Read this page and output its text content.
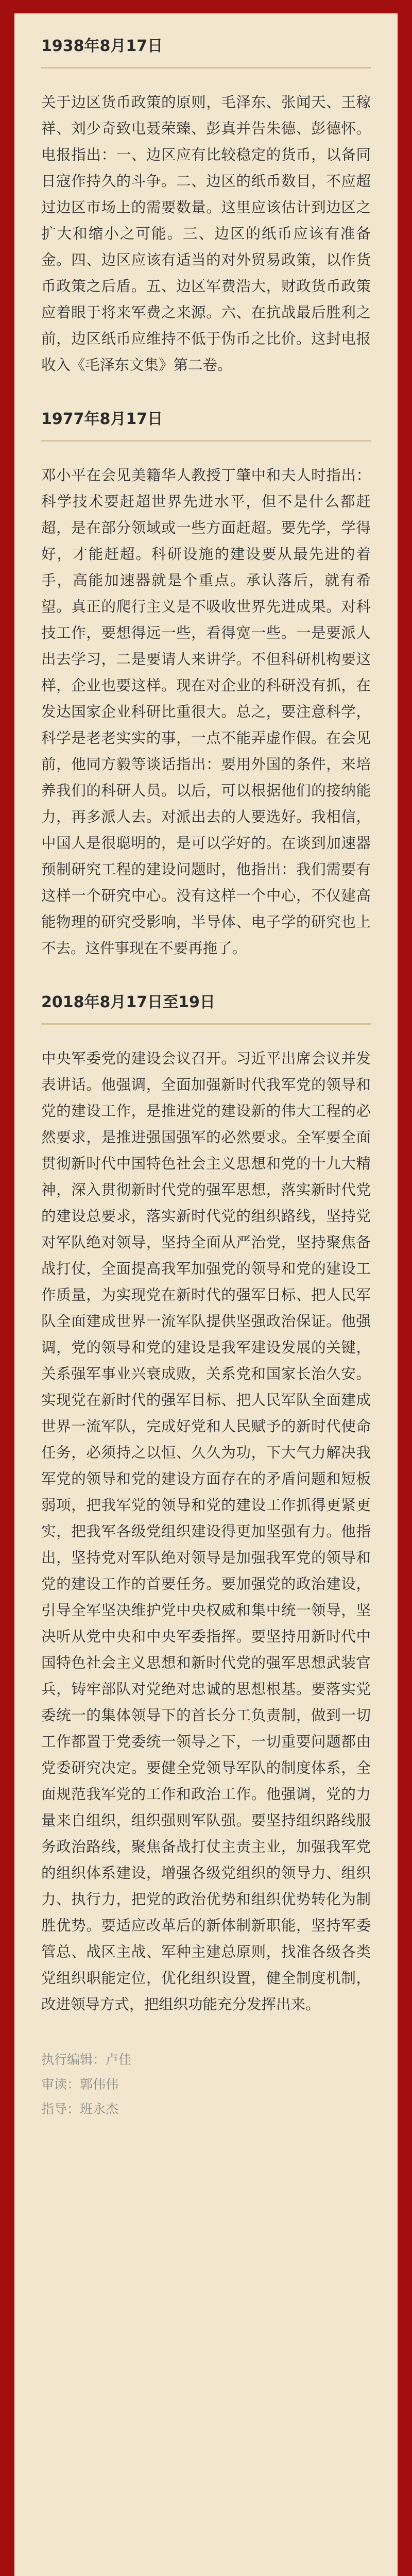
1938年8月17日
关于边区货币政策的原则，毛泽东、张闻天、王稼祥、刘少奇致电聂荣臻、彭真并告朱德、彭德怀。电报指出：一、边区应有比较稳定的货币，以备同日寇作持久的斗争。二、边区的纸币数目，不应超过边区市场上的需要数量。这里应该估计到边区之扩大和缩小之可能。三、边区的纸币应该有准备金。四、边区应该有适当的对外贸易政策，以作货币政策之后盾。五、边区军费浩大，财政货币政策应着眼于将来军费之来源。六、在抗战最后胜利之前，边区纸币应维持不低于伪币之比价。这封电报收入《毛泽东文集》第二卷。
1977年8月17日
邓小平在会见美籍华人教授丁肇中和夫人时指出：科学技术要赶超世界先进水平，但不是什么都赶超，是在部分领域或一些方面赶超。要先学，学得好，才能赶超。科研设施的建设要从最先进的着手，高能加速器就是个重点。承认落后，就有希望。真正的爬行主义是不吸收世界先进成果。对科技工作，要想得远一些，看得宽一些。一是要派人出去学习，二是要请人来讲学。不但科研机构要这样，企业也要这样。现在对企业的科研没有抓，在发达国家企业科研比重很大。总之，要注意科学，科学是老老实实的事，一点不能弄虚作假。在会见前，他同方毅等谈话指出：要用外国的条件，来培养我们的科研人员。以后，可以根据他们的接纳能力，再多派人去。对派出去的人要选好。我相信，中国人是很聪明的，是可以学好的。在谈到加速器预制研究工程的建设问题时，他指出：我们需要有这样一个研究中心。没有这样一个中心，不仅建高能物理的研究受影响，半导体、电子学的研究也上不去。这件事现在不要再拖了。
2018年8月17日至19日
中央军委党的建设会议召开。习近平出席会议并发表讲话。他强调，全面加强新时代我军党的领导和党的建设工作，是推进党的建设新的伟大工程的必然要求，是推进强国强军的必然要求。全军要全面贯彻新时代中国特色社会主义思想和党的十九大精神，深入贯彻新时代党的强军思想，落实新时代党的建设总要求，落实新时代党的组织路线，坚持党对军队绝对领导，坚持全面从严治党，坚持聚焦备战打仗，全面提高我军加强党的领导和党的建设工作质量，为实现党在新时代的强军目标、把人民军队全面建成世界一流军队提供坚强政治保证。他强调，党的领导和党的建设是我军建设发展的关键，关系强军事业兴衰成败，关系党和国家长治久安。实现党在新时代的强军目标、把人民军队全面建成世界一流军队，完成好党和人民赋予的新时代使命任务，必须持之以恒、久久为功，下大气力解决我军党的领导和党的建设方面存在的矛盾问题和短板弱项，把我军党的领导和党的建设工作抓得更紧更实，把我军各级党组织建设得更加坚强有力。他指出，坚持党对军队绝对领导是加强我军党的领导和党的建设工作的首要任务。要加强党的政治建设，引导全军坚决维护党中央权威和集中统一领导，坚决听从党中央和中央军委指挥。要坚持用新时代中国特色社会主义思想和新时代党的强军思想武装官兵，铸牢部队对党绝对忠诚的思想根基。要落实党委统一的集体领导下的首长分工负责制，做到一切工作都置于党委统一领导之下，一切重要问题都由党委研究决定。要健全党领导军队的制度体系，全面规范我军党的工作和政治工作。他强调，党的力量来自组织，组织强则军队强。要坚持组织路线服务政治路线，聚焦备战打仗主责主业，加强我军党的组织体系建设，增强各级党组织的领导力、组织力、执行力，把党的政治优势和组织优势转化为制胜优势。要适应改革后的新体制新职能，坚持军委管总、战区主战、军种主建总原则，找准各级各类党组织职能定位，优化组织设置，健全制度机制，改进领导方式，把组织功能充分发挥出来。
执行编辑：卢佳
审读：郭伟伟
指导：班永杰
